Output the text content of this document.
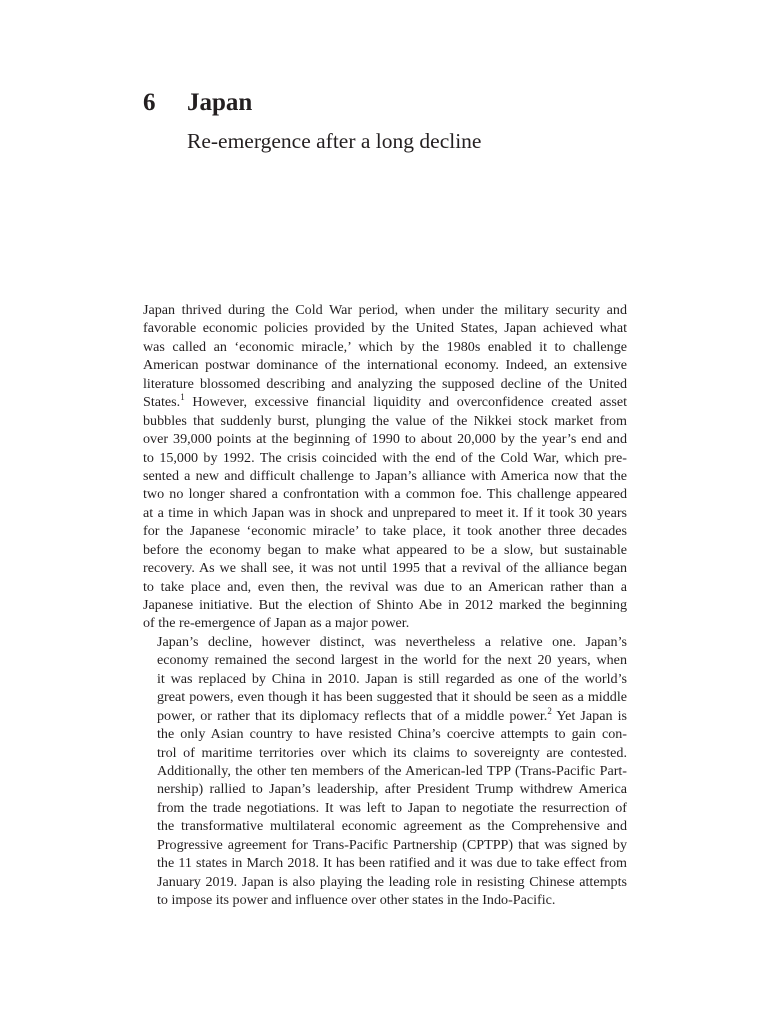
6 Japan
Re-emergence after a long decline

Japan thrived during the Cold War period, when under the military security and
favorable economic policies provided by the United States, Japan achieved what
was called an ‘economic miracle,’ which by the 1980s enabled it to challenge
American postwar dominance of the international economy. Indeed, an extensive
literature blossomed describing and analyzing the supposed decline of the United
States.$^1$ However, excessive financial liquidity and overconfidence created asset
bubbles that suddenly burst, plunging the value of the Nikkei stock market from
over 39,000 points at the beginning of 1990 to about 20,000 by the year’s end and
to 15,000 by 1992. The crisis coincided with the end of the Cold War, which pre-
sented a new and difficult challenge to Japan’s alliance with America now that the
two no longer shared a confrontation with a common foe. This challenge appeared
at a time in which Japan was in shock and unprepared to meet it. If it took 30 years
for the Japanese ‘economic miracle’ to take place, it took another three decades
before the economy began to make what appeared to be a slow, but sustainable
recovery. As we shall see, it was not until 1995 that a revival of the alliance began
to take place and, even then, the revival was due to an American rather than a
Japanese initiative. But the election of Shinto Abe in 2012 marked the beginning
of the re-emergence of Japan as a major power.

Japan’s decline, however distinct, was nevertheless a relative one. Japan’s
economy remained the second largest in the world for the next 20 years, when
it was replaced by China in 2010. Japan is still regarded as one of the world’s
great powers, even though it has been suggested that it should be seen as a middle
power, or rather that its diplomacy reflects that of a middle power.$^2$ Yet Japan is
the only Asian country to have resisted China’s coercive attempts to gain con-
trol of maritime territories over which its claims to sovereignty are contested.
Additionally, the other ten members of the American-led TPP (Trans-Pacific Part-
nership) rallied to Japan’s leadership, after President Trump withdrew America
from the trade negotiations. It was left to Japan to negotiate the resurrection of
the transformative multilateral economic agreement as the Comprehensive and
Progressive agreement for Trans-Pacific Partnership (CPTPP) that was signed by
the 11 states in March 2018. It has been ratified and it was due to take effect from
January 2019. Japan is also playing the leading role in resisting Chinese attempts
to impose its power and influence over other states in the Indo-Pacific.
